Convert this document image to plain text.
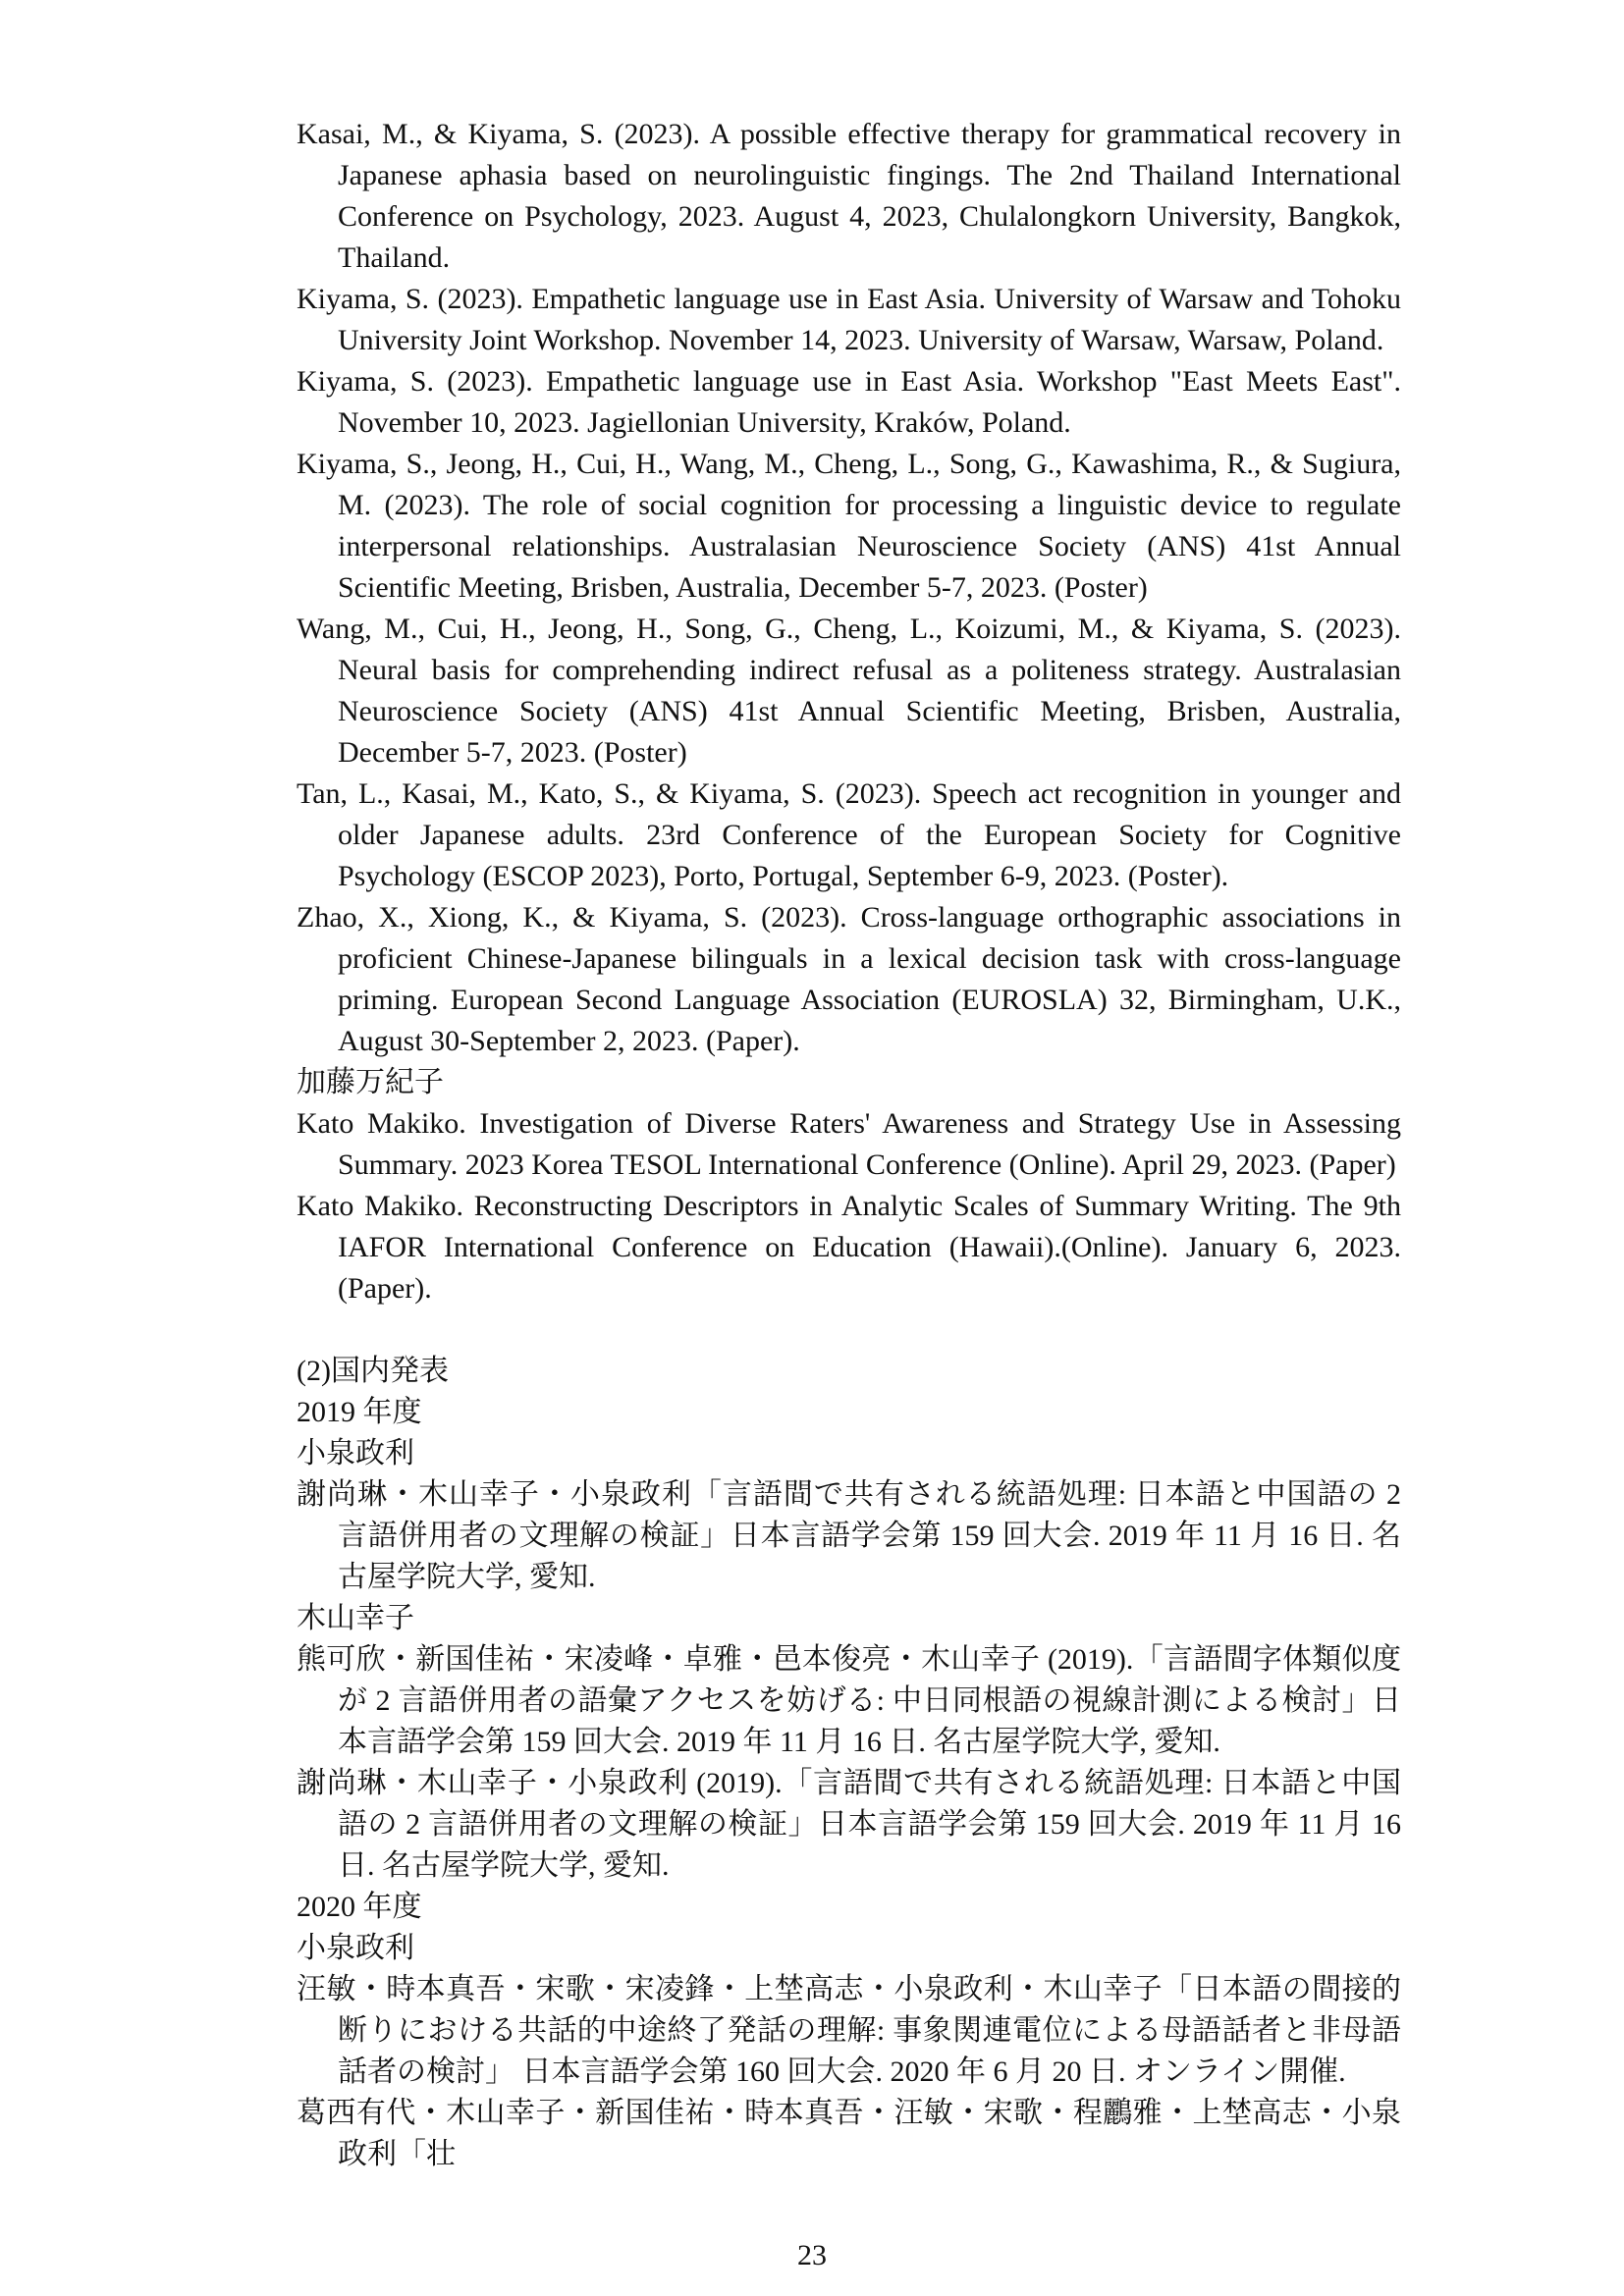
Kasai, M., & Kiyama, S. (2023). A possible effective therapy for grammatical recovery in Japanese aphasia based on neurolinguistic fingings. The 2nd Thailand International Conference on Psychology, 2023. August 4, 2023, Chulalongkorn University, Bangkok, Thailand.

Kiyama, S. (2023). Empathetic language use in East Asia. University of Warsaw and Tohoku University Joint Workshop. November 14, 2023. University of Warsaw, Warsaw, Poland.

Kiyama, S. (2023). Empathetic language use in East Asia. Workshop "East Meets East". November 10, 2023. Jagiellonian University, Kraków, Poland.

Kiyama, S., Jeong, H., Cui, H., Wang, M., Cheng, L., Song, G., Kawashima, R., & Sugiura, M. (2023). The role of social cognition for processing a linguistic device to regulate interpersonal relationships. Australasian Neuroscience Society (ANS) 41st Annual Scientific Meeting, Brisben, Australia, December 5-7, 2023. (Poster)

Wang, M., Cui, H., Jeong, H., Song, G., Cheng, L., Koizumi, M., & Kiyama, S. (2023). Neural basis for comprehending indirect refusal as a politeness strategy. Australasian Neuroscience Society (ANS) 41st Annual Scientific Meeting, Brisben, Australia, December 5-7, 2023. (Poster)

Tan, L., Kasai, M., Kato, S., & Kiyama, S. (2023). Speech act recognition in younger and older Japanese adults. 23rd Conference of the European Society for Cognitive Psychology (ESCOP 2023), Porto, Portugal, September 6-9, 2023. (Poster).

Zhao, X., Xiong, K., & Kiyama, S. (2023). Cross-language orthographic associations in proficient Chinese-Japanese bilinguals in a lexical decision task with cross-language priming. European Second Language Association (EUROSLA) 32, Birmingham, U.K., August 30-September 2, 2023. (Paper).

加藤万紀子

Kato Makiko. Investigation of Diverse Raters' Awareness and Strategy Use in Assessing Summary. 2023 Korea TESOL International Conference (Online). April 29, 2023. (Paper)

Kato Makiko. Reconstructing Descriptors in Analytic Scales of Summary Writing. The 9th IAFOR International Conference on Education (Hawaii).(Online). January 6, 2023. (Paper).

(2)国内発表

2019 年度

小泉政利

謝尚琳・木山幸子・小泉政利「言語間で共有される統語処理: 日本語と中国語の 2 言語併用者の文理解の検証」日本言語学会第 159 回大会. 2019 年 11 月 16 日. 名古屋学院大学, 愛知.

木山幸子

熊可欣・新国佳祐・宋凌峰・卓雅・邑本俊亮・木山幸子 (2019).「言語間字体類似度が 2 言語併用者の語彙アクセスを妨げる: 中日同根語の視線計測による検討」日本言語学会第 159 回大会. 2019 年 11 月 16 日. 名古屋学院大学, 愛知.

謝尚琳・木山幸子・小泉政利 (2019).「言語間で共有される統語処理: 日本語と中国語の 2 言語併用者の文理解の検証」日本言語学会第 159 回大会. 2019 年 11 月 16 日. 名古屋学院大学, 愛知.

2020 年度

小泉政利

汪敏・時本真吾・宋歌・宋凌鋒・上埜高志・小泉政利・木山幸子「日本語の間接的断りにおける共話的中途終了発話の理解: 事象関連電位による母語話者と非母語話者の検討」 日本言語学会第 160 回大会. 2020 年 6 月 20 日. オンライン開催.

葛西有代・木山幸子・新国佳祐・時本真吾・汪敏・宋歌・程鸝雅・上埜高志・小泉政利「壮

23
